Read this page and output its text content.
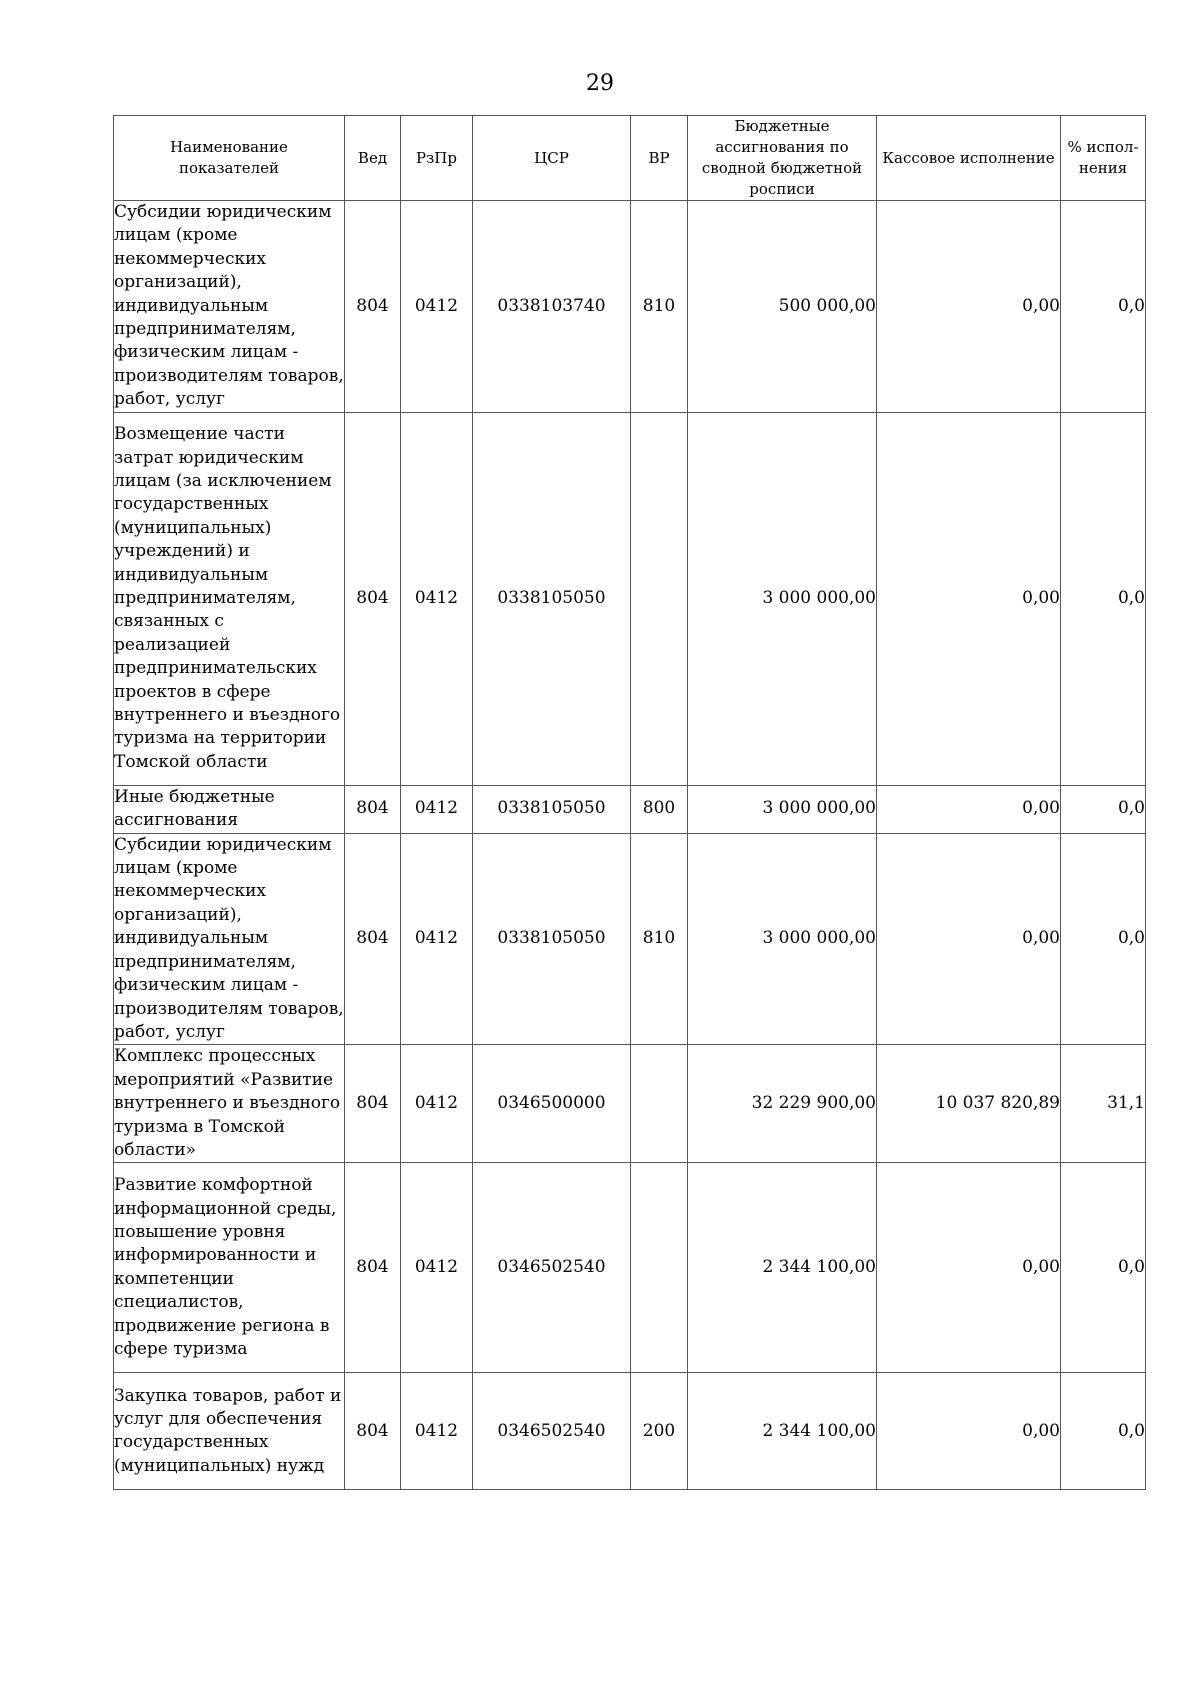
29
Наименование показателей	Вед	РзПр	ЦСР	ВР	Бюджетные ассигнования по сводной бюджетной росписи	Кассовое исполнение	% испол-нения
Субсидии юридическим лицам (кроме некоммерческих организаций), индивидуальным предпринимателям, физическим лицам - производителям товаров, работ, услуг	804	0412	0338103740	810	500 000,00	0,00	0,0
Возмещение части затрат юридическим лицам (за исключением государственных (муниципальных) учреждений) и индивидуальным предпринимателям, связанных с реализацией предпринимательских проектов в сфере внутреннего и въездного туризма на территории Томской области	804	0412	0338105050		3 000 000,00	0,00	0,0
Иные бюджетные ассигнования	804	0412	0338105050	800	3 000 000,00	0,00	0,0
Субсидии юридическим лицам (кроме некоммерческих организаций), индивидуальным предпринимателям, физическим лицам - производителям товаров, работ, услуг	804	0412	0338105050	810	3 000 000,00	0,00	0,0
Комплекс процессных мероприятий «Развитие внутреннего и въездного туризма в Томской области»	804	0412	0346500000		32 229 900,00	10 037 820,89	31,1
Развитие комфортной информационной среды, повышение уровня информированности и компетенции специалистов, продвижение региона в сфере туризма	804	0412	0346502540		2 344 100,00	0,00	0,0
Закупка товаров, работ и услуг для обеспечения государственных (муниципальных) нужд	804	0412	0346502540	200	2 344 100,00	0,00	0,0
